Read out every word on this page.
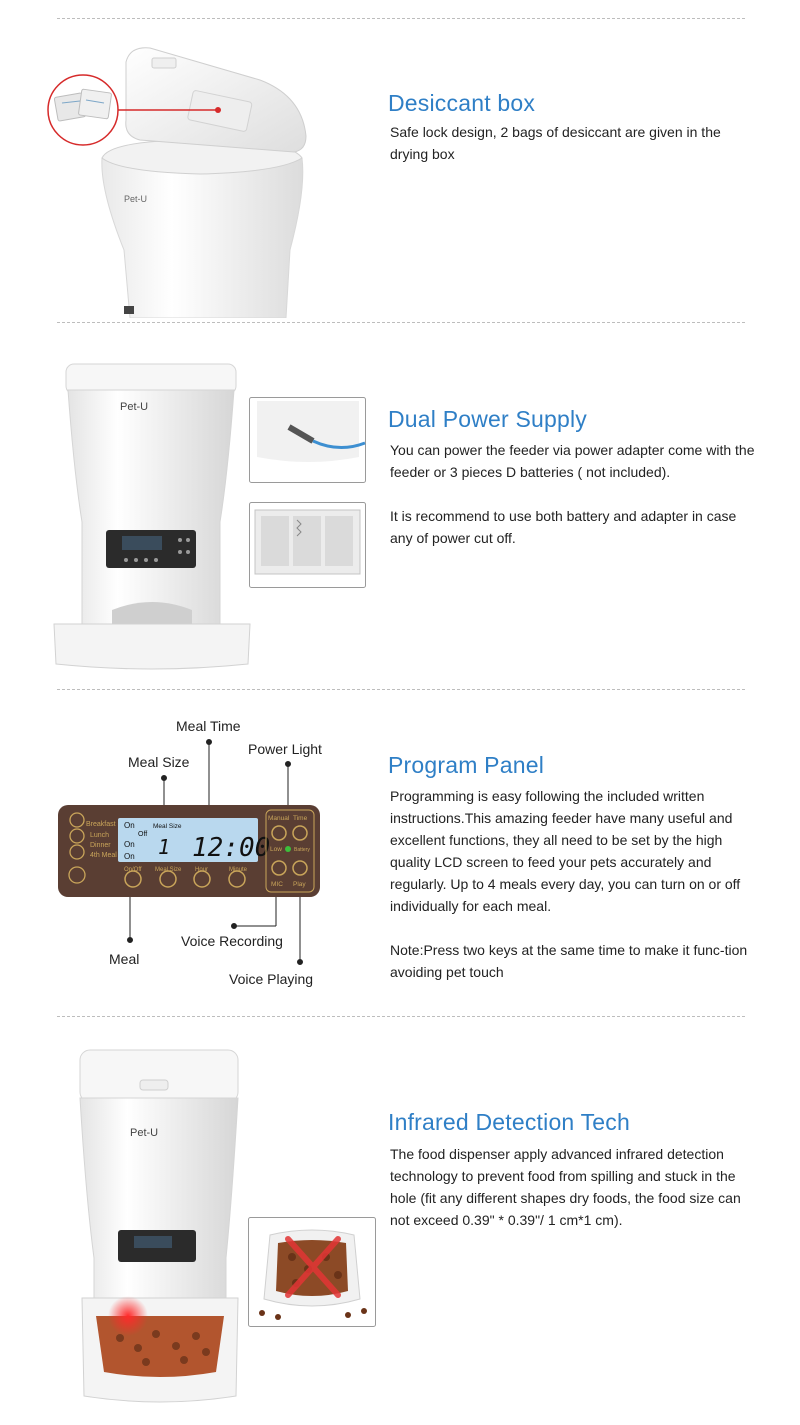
Pet-U
Desiccant box
Safe lock design, 2 bags of desiccant are given in the drying box
Pet-U	Dual Power Supply
You can power the feeder via power adapter come with the feeder or 3 pieces D batteries ( not included).
It is recommend to use both battery and adapter in case any of power cut off.
Meal Time
Meal Size
Power Light
Voice Recording
Meal
Voice Playing
Breakfast
Lunch
Dinner
4th Meal
On
Off
On
On
Meal Size
1 12:00
On/Off Meal Size Hour	Minute
Manual Time
Low Battery
MIC Play
Program Panel
Programming is easy following the included written instructions.This amazing feeder have many useful and excellent functions, they all need to be set by the high quality LCD screen to feed your pets accurately and regularly. Up to 4 meals every day, you can turn on or off individually for each meal.
Note:Press two keys at the same time to make it func-tion avoiding pet touch
Pet-U	Infrared Detection Tech
The food dispenser apply advanced infrared detection technology to prevent food from spilling and stuck in the hole (fit any different shapes dry foods, the food size can not exceed 0.39" * 0.39"/ 1 cm*1 cm).
